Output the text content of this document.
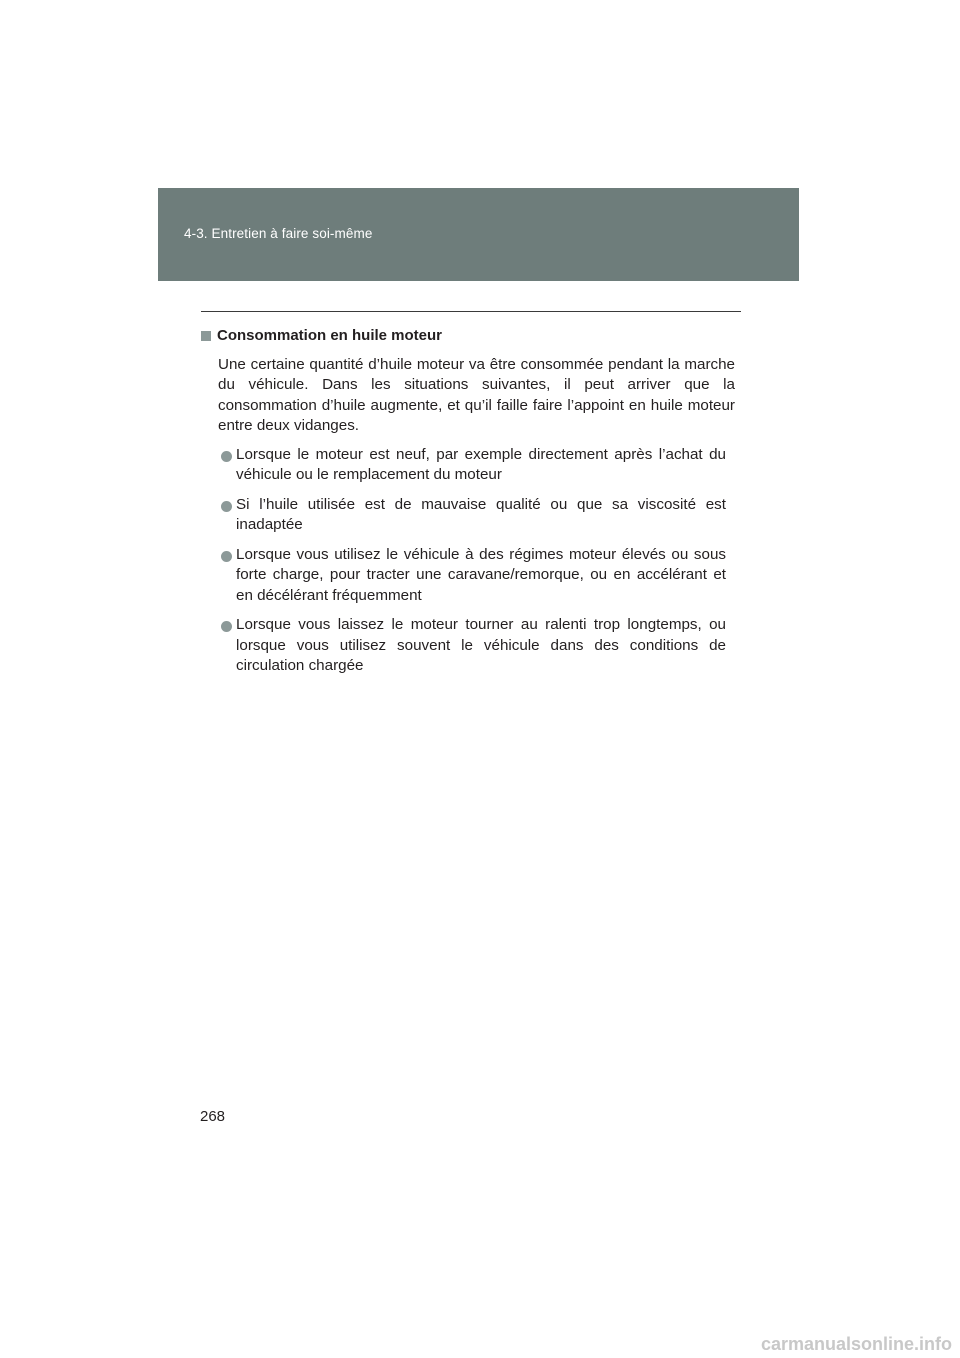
4-3. Entretien à faire soi-même

Consommation en huile moteur

Une certaine quantité d’huile moteur va être consommée pendant la marche du véhicule. Dans les situations suivantes, il peut arriver que la consommation d’huile augmente, et qu’il faille faire l’appoint en huile moteur entre deux vidanges.

Lorsque le moteur est neuf, par exemple directement après l’achat du véhicule ou le remplacement du moteur
Si l’huile utilisée est de mauvaise qualité ou que sa viscosité est inadaptée
Lorsque vous utilisez le véhicule à des régimes moteur élevés ou sous forte charge, pour tracter une caravane/remorque, ou en accélérant et en décélérant fréquemment
Lorsque vous laissez le moteur tourner au ralenti trop longtemps, ou lorsque vous utilisez souvent le véhicule dans des conditions de circulation chargée

268

carmanualsonline.info
